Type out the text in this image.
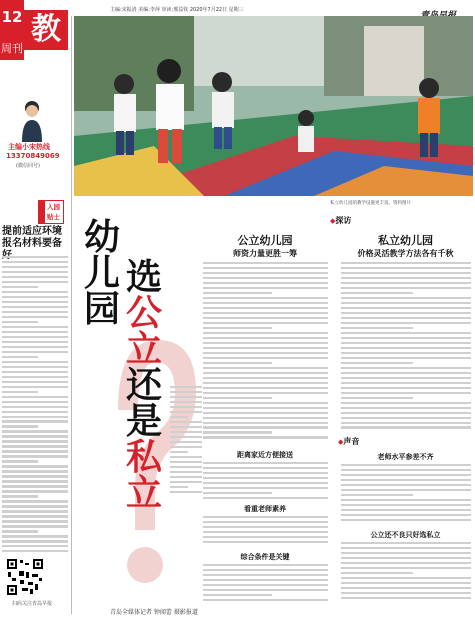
12
周刊
教育
主编:宋振清 美编:李萍 审读:邢益钦 2020年7月22日 星期三
主编小宋热线
13370849069
(微信同号)
入园贴士
提前适应环境报名材料要备
扫码关注青岛早报
私立幼儿园的教学设施更丰富。资料图片
幼儿园
选
公立
还是
私立
◆探访
公立幼儿园
师资力量更胜一筹
距离家近方便接送
看重老师素养
综合条件是关键
私立幼儿园
价格灵活教学方法各有千秋
◆声音
老师水平参差不齐
公立还不良只好选私立
青岛全媒体记者 钟闻蕾 摄影报道
